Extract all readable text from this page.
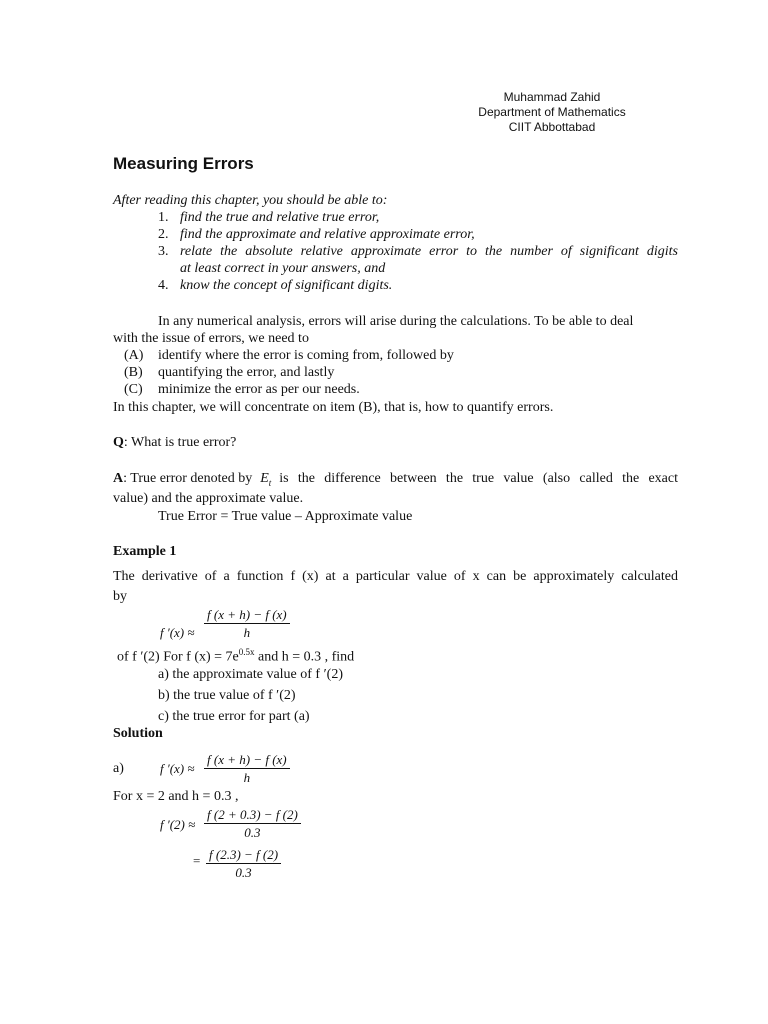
Muhammad Zahid
Department of Mathematics
CIIT Abbottabad
Measuring Errors
After reading this chapter, you should be able to:
1. find the true and relative true error,
2. find the approximate and relative approximate error,
3. relate the absolute relative approximate error to the number of significant digits
at least correct in your answers, and
4. know the concept of significant digits.
In any numerical analysis, errors will arise during the calculations. To be able to deal
with the issue of errors, we need to
(A) identify where the error is coming from, followed by
(B) quantifying the error, and lastly
(C) minimize the error as per our needs.
In this chapter, we will concentrate on item (B), that is, how to quantify errors.
Q: What is true error?
A : True error denoted by $E_t$ is the difference between the true value (also called the exact
value) and the approximate value.
True Error = True value – Approximate value
Example 1
The derivative of a function f (x) at a particular value of x can be approximately calculated
by
f $'(x) \approx \frac{f (x + h) - f (x)}{h}$
of f ′(2) For f $(x) = 7e^{0.5x}$ and h = 0.3 , find
a) the approximate value of f ′(2)
b) the true value of f ′(2)
c) the true error for part (a)
Solution
a)	f $'(x) \approx \frac{f (x + h) - f (x)}{h}$
For x = 2 and h = 0.3 ,
f $'(2) \approx \frac{f (2 + 0.3) - f (2)}{0.3}$
= $\frac{f (2.3) - f (2)}{0.3}$
